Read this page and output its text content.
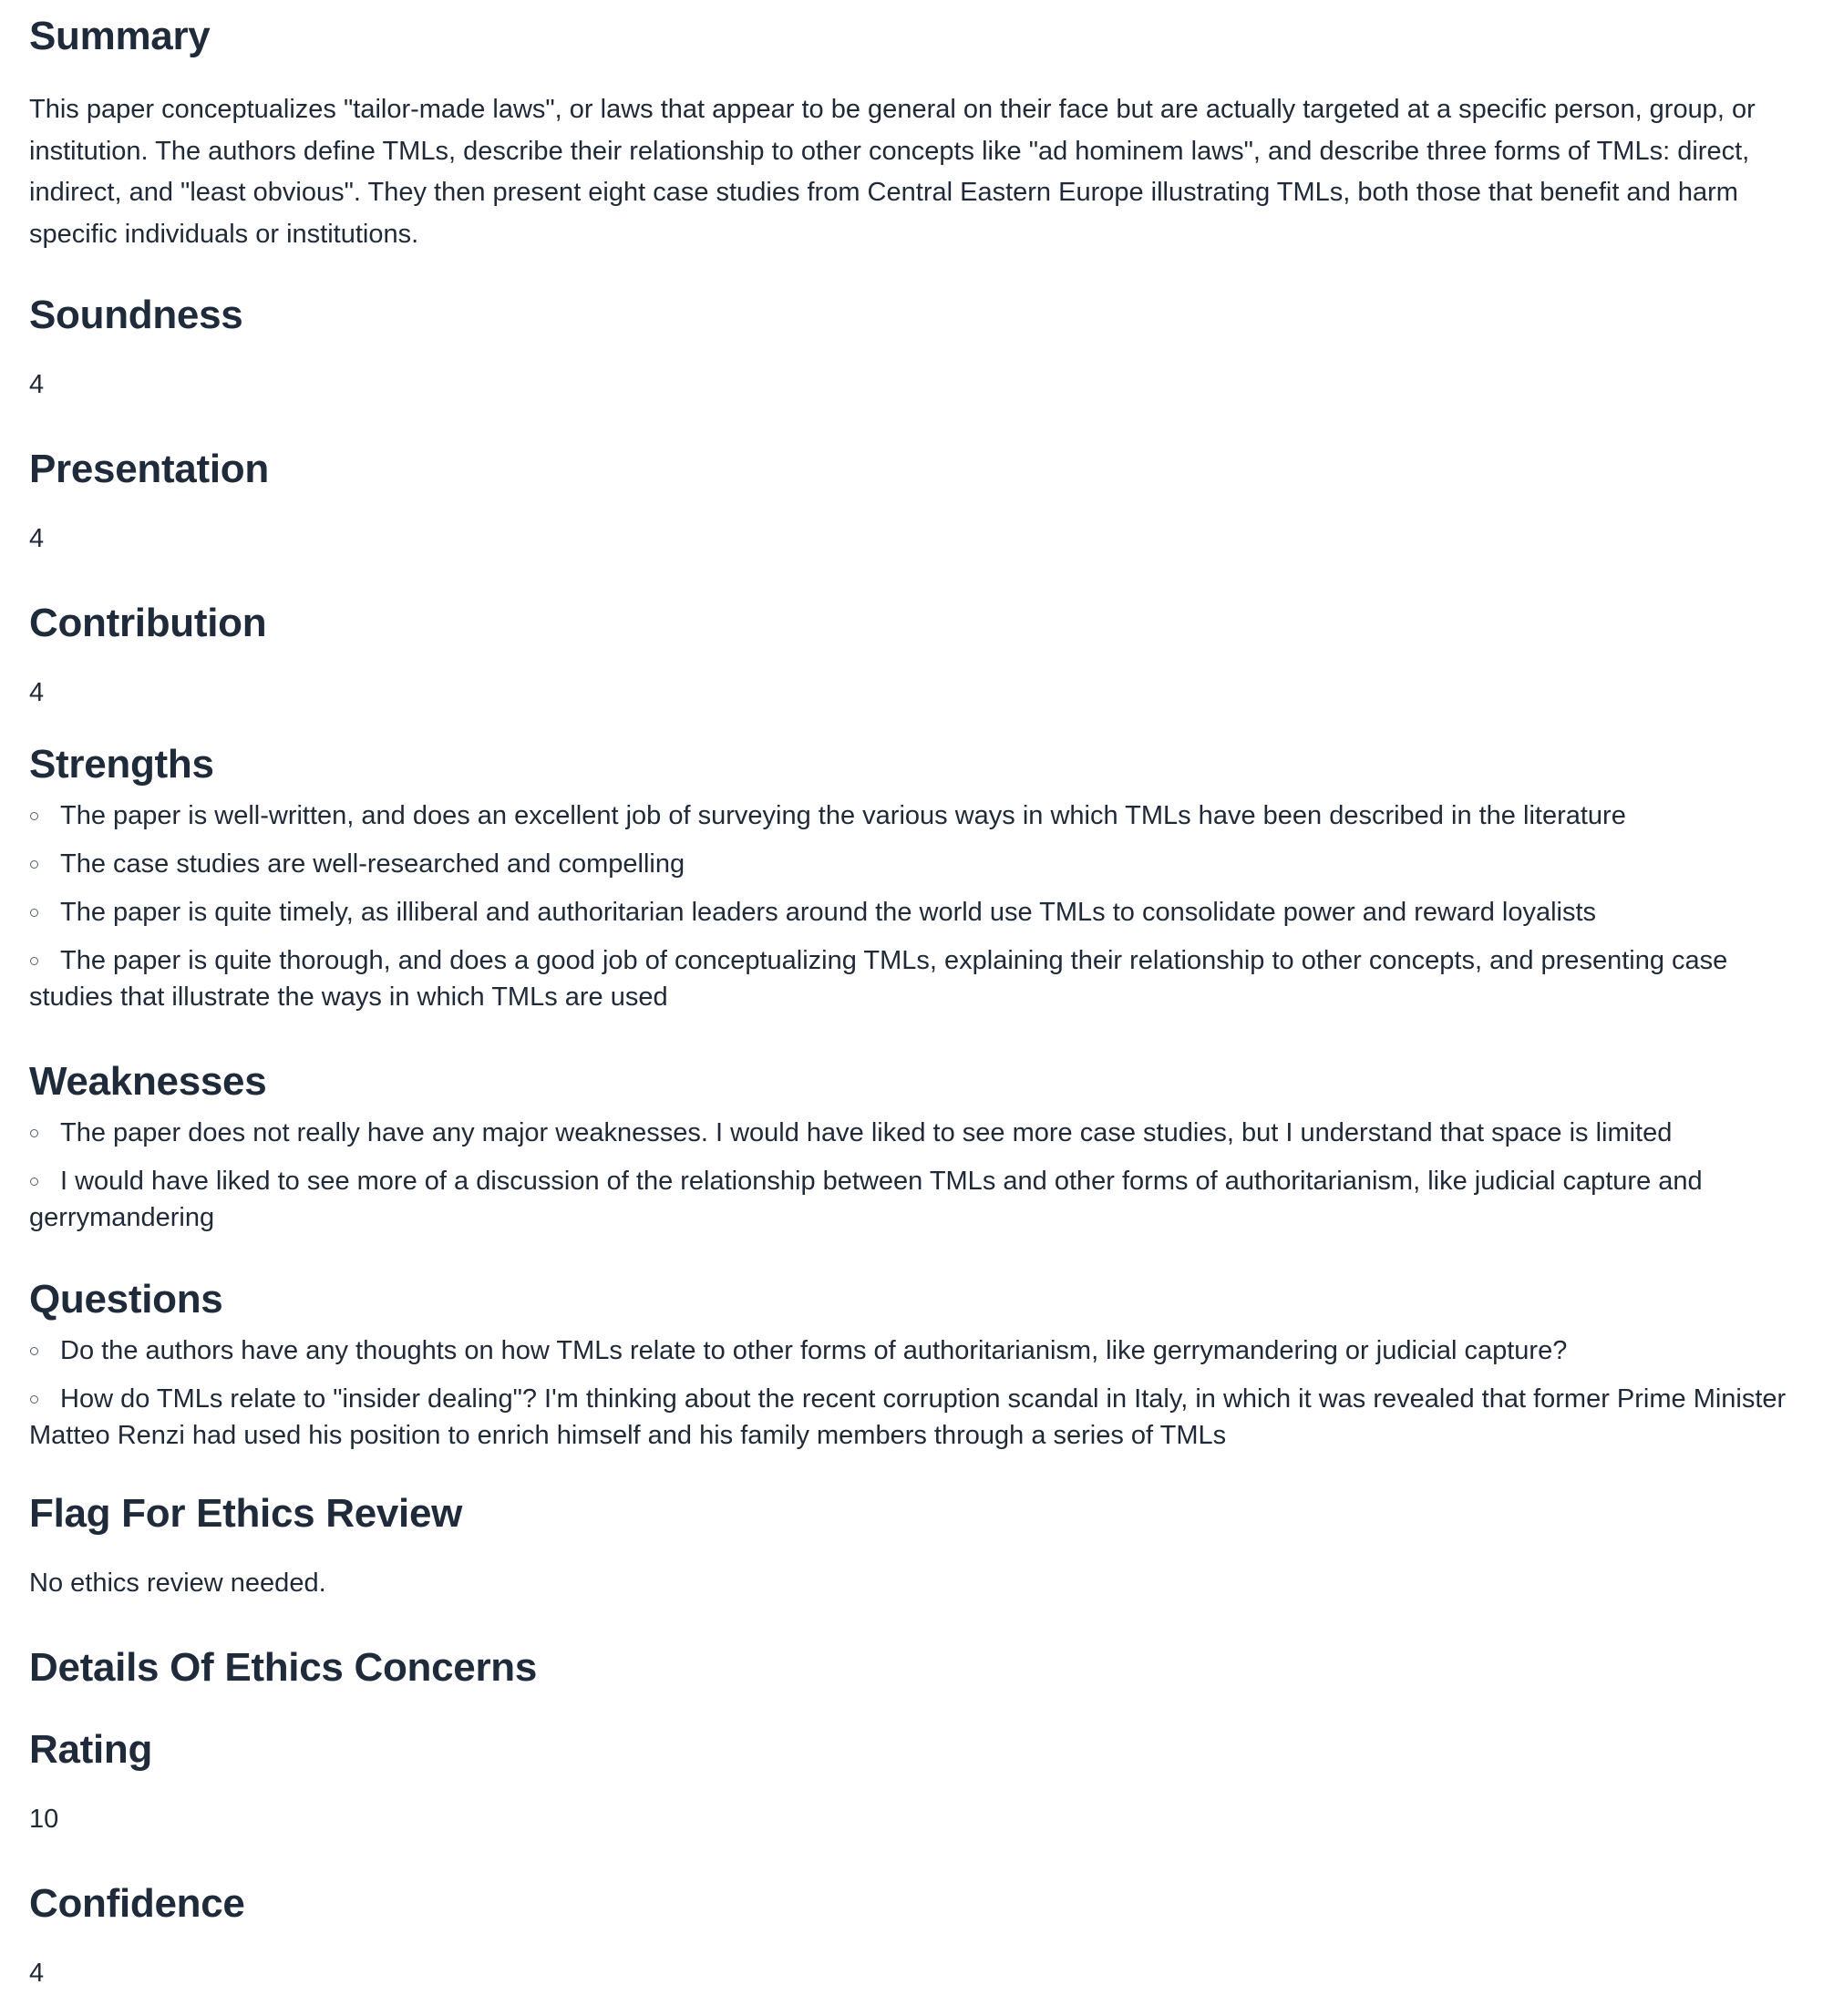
Summary

This paper conceptualizes "tailor-made laws", or laws that appear to be general on their face but are actually targeted at a specific person, group, or institution. The authors define TMLs, describe their relationship to other concepts like "ad hominem laws", and describe three forms of TMLs: direct, indirect, and "least obvious". They then present eight case studies from Central Eastern Europe illustrating TMLs, both those that benefit and harm specific individuals or institutions.

Soundness

4

Presentation

4

Contribution

4

Strengths
The paper is well-written, and does an excellent job of surveying the various ways in which TMLs have been described in the literature
The case studies are well-researched and compelling
The paper is quite timely, as illiberal and authoritarian leaders around the world use TMLs to consolidate power and reward loyalists
The paper is quite thorough, and does a good job of conceptualizing TMLs, explaining their relationship to other concepts, and presenting case studies that illustrate the ways in which TMLs are used
Weaknesses
The paper does not really have any major weaknesses. I would have liked to see more case studies, but I understand that space is limited
I would have liked to see more of a discussion of the relationship between TMLs and other forms of authoritarianism, like judicial capture and gerrymandering
Questions
Do the authors have any thoughts on how TMLs relate to other forms of authoritarianism, like gerrymandering or judicial capture?
How do TMLs relate to "insider dealing"? I'm thinking about the recent corruption scandal in Italy, in which it was revealed that former Prime Minister Matteo Renzi had used his position to enrich himself and his family members through a series of TMLs
Flag For Ethics Review

No ethics review needed.

Details Of Ethics Concerns
Rating

10

Confidence

4
